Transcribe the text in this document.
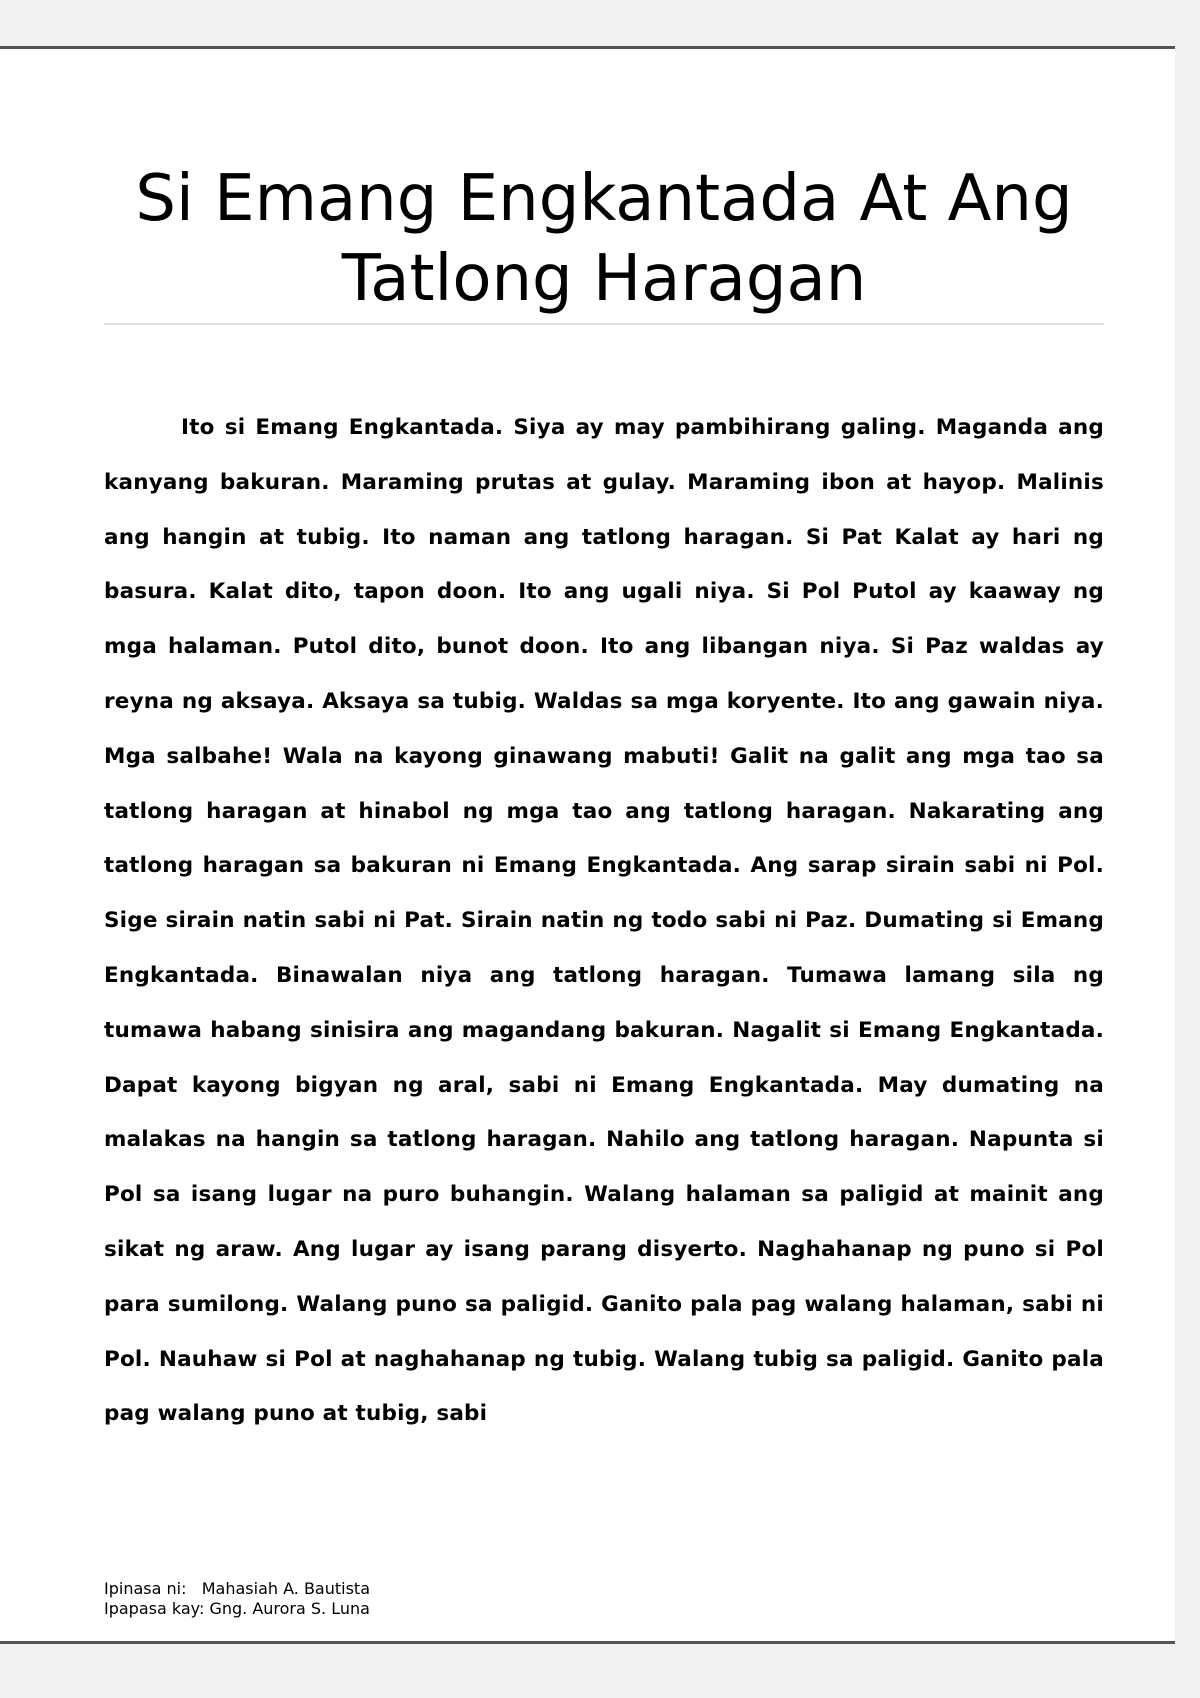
Si Emang Engkantada At Ang Tatlong Haragan

Ito si Emang Engkantada. Siya ay may pambihirang galing. Maganda ang kanyang bakuran. Maraming prutas at gulay. Maraming ibon at hayop. Malinis ang hangin at tubig. Ito naman ang tatlong haragan. Si Pat Kalat ay hari ng basura. Kalat dito, tapon doon. Ito ang ugali niya. Si Pol Putol ay kaaway ng mga halaman. Putol dito, bunot doon. Ito ang libangan niya. Si Paz waldas ay reyna ng aksaya. Aksaya sa tubig. Waldas sa mga koryente. Ito ang gawain niya. Mga salbahe! Wala na kayong ginawang mabuti! Galit na galit ang mga tao sa tatlong haragan at hinabol ng mga tao ang tatlong haragan. Nakarating ang tatlong haragan sa bakuran ni Emang Engkantada. Ang sarap sirain sabi ni Pol. Sige sirain natin sabi ni Pat. Sirain natin ng todo sabi ni Paz. Dumating si Emang Engkantada. Binawalan niya ang tatlong haragan. Tumawa lamang sila ng tumawa habang sinisira ang magandang bakuran. Nagalit si Emang Engkantada. Dapat kayong bigyan ng aral, sabi ni Emang Engkantada. May dumating na malakas na hangin sa tatlong haragan. Nahilo ang tatlong haragan. Napunta si Pol sa isang lugar na puro buhangin. Walang halaman sa paligid at mainit ang sikat ng araw. Ang lugar ay isang parang disyerto. Naghahanap ng puno si Pol para sumilong. Walang puno sa paligid. Ganito pala pag walang halaman, sabi ni Pol. Nauhaw si Pol at naghahanap ng tubig. Walang tubig sa paligid. Ganito pala pag walang puno at tubig, sabi

Ipinasa ni: Mahasiah A. Bautista
Ipapasa kay: Gng. Aurora S. Luna
